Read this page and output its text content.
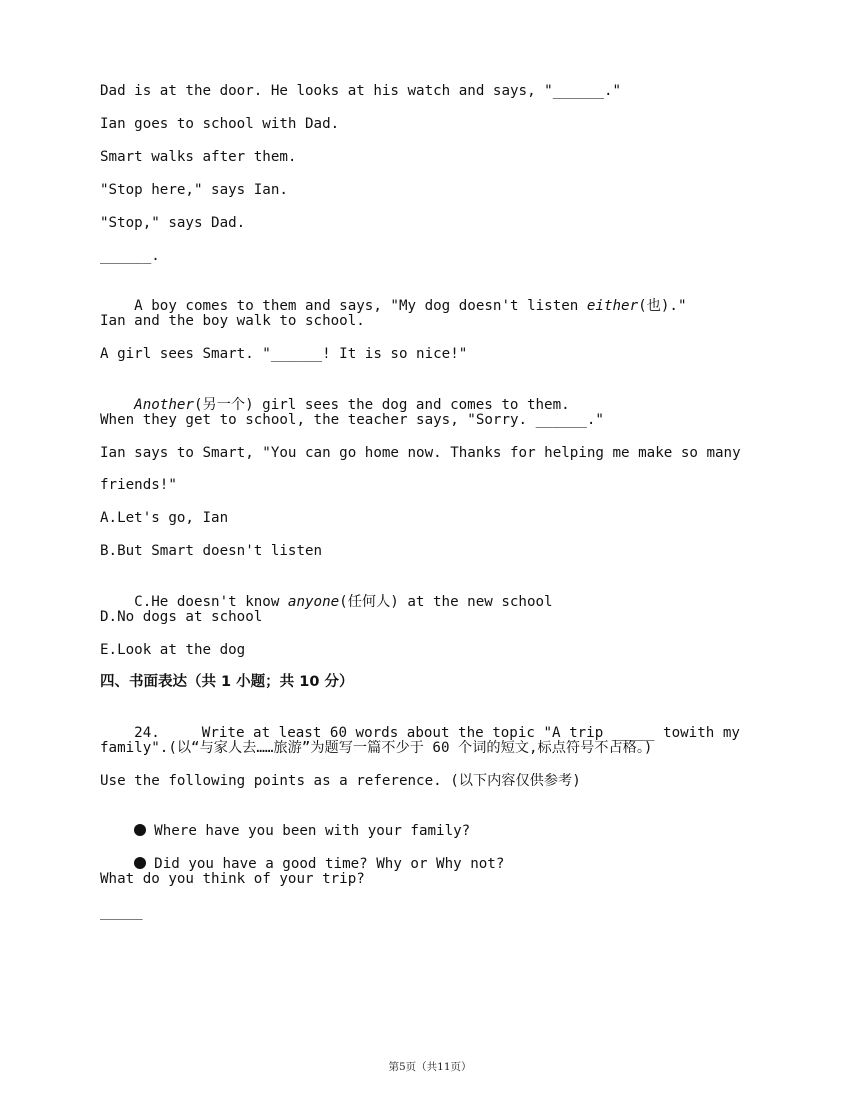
Dad is at the door. He looks at his watch and says, "______."
Ian goes to school with Dad.
Smart walks after them.
"Stop here," says Ian.
"Stop," says Dad.
______.

A boy comes to them and says, "My dog doesn't listen either(也)."

Ian and the boy walk to school.
A girl sees Smart. "______! It is so nice!"

Another(另一个) girl sees the dog and comes to them.

When they get to school, the teacher says, "Sorry. ______."
Ian says to Smart, "You can go home now. Thanks for helping me make so many
friends!"
A.Let's go, Ian
B.But Smart doesn't listen

C.He doesn't know anyone(任何人) at the new school

D.No dogs at school
E.Look at the dog
四、书面表达（共 1 小题；共 10 分）

24.	Write at least 60 words about the topic "A trip _____ towith my

family".(以“与家人去……旅游”为题写一篇不少于 60 个词的短文,标点符号不占格。)
Use the following points as a reference. (以下内容仅供参考)

Where have you been with your family?

Did you have a good time? Why or Why not?

What do you think of your trip?
_____
第5页（共11页）
